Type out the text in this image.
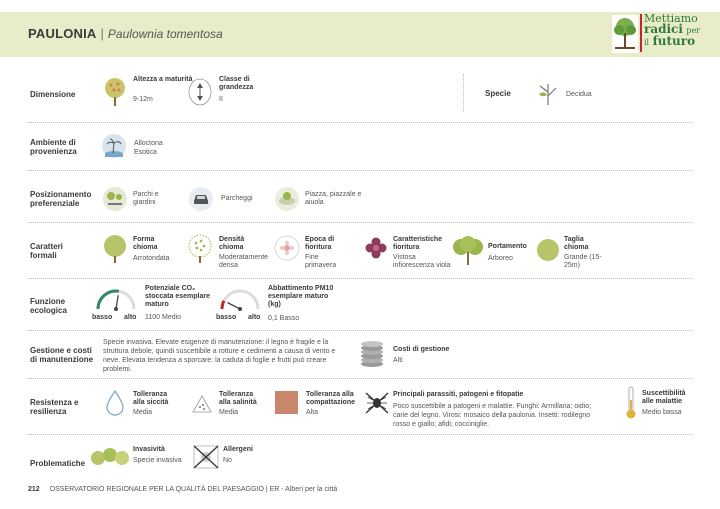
PAULONIA | Paulownia tomentosa
Mettiamo
radici per
il futuro
Dimensione
Altezza a maturità
9-12m
Classe di grandezza
II
Specie	Decidua
Ambiente di provenienza
Alloctona
Esotica
Posizionamento preferenziale
Parchi e giardini
Parcheggi
Piazza, piazzale e aiuola
Caratteri formali
Forma chioma
Arrotondata
Densità chioma
Moderatamente densa
Epoca di fioritura
Fine primavera
Caratteristiche fioritura
Vistosa infiorescenza viola
Portamento
Arboreo
Taglia chioma
Grande (15-25m)
Funzione ecologica
basso alto
Potenziale CO₂ stoccata esemplare maturo
1100 Medio	basso alto
Abbattimento PM10 esemplare maturo (kg)
0,1 Basso
Gestione e costi di manutenzione
Specie invasiva. Elevate esigenze di manutenzione: il legno è fragile e la struttura debole, quindi suscettibile a rotture e cedimenti a causa di vento e neve. Elevata tendenza a sporcare: la caduta di foglie e frutti può creare problemi.
Costi di gestione
Alti
Resistenza e resilienza
Tolleranza alla siccità
Media
Tolleranza alla salinità
Media
Tolleranza alla compattazione
Alta
Principali parassiti, patogeni e fitopatie
Poco suscettibile a patogeni e malattie. Funghi: Armillaria; oidio; carie del legno. Virosi: mosaico della paulonia. Insetti: rodilegno rosso e giallo; afidi; cocciniglie.
Suscettibilità alle malattie
Medio bassa
Problematiche
Invasività
Specie invasiva
Allergeni
No
212 OSSERVATORIO REGIONALE PER LA QUALITÀ DEL PAESAGGIO | ER - Alberi per la città
